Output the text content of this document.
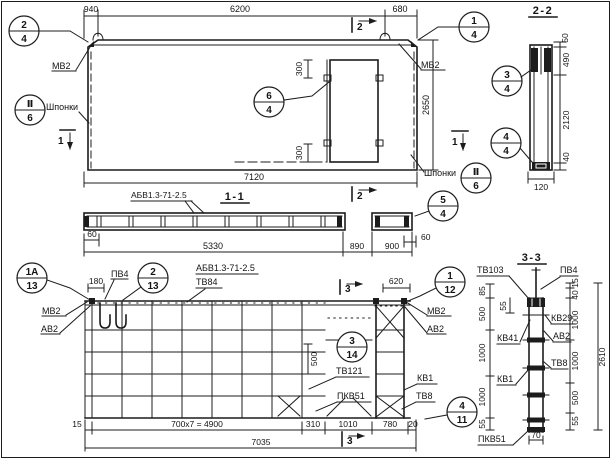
940	6200	680
2650
7120
300
300
МВ2	МВ2
Шпонки
Шпонки
2
4
1
4
6
4
Ⅱ
6
Ⅱ
6
2
1	1
2-2
50
490
2120
40
120
3
4
4
4
1-1
АБВ1.3-71-2.5	2	5
4
60	60
5330	890 900
180	620
500
ПВ4
МВ2
АВ2
АБВ1.3-71-2.5
ТВ84
МВ2
АВ2
ТВ121
КВ1
ПКВ51	ТВ8
1А
13
2
13
1
12
3
14
4
11
3
3
15	700х7 = 4900	310 1010	780 20
7035
3-3
85
500
1000
1000
55
55
15
40
1000
1000
500
55
2610
70
ТВ103	ПВ4
КВ29
АВ2
КВ41
ТВ8
КВ1
ПКВ51
